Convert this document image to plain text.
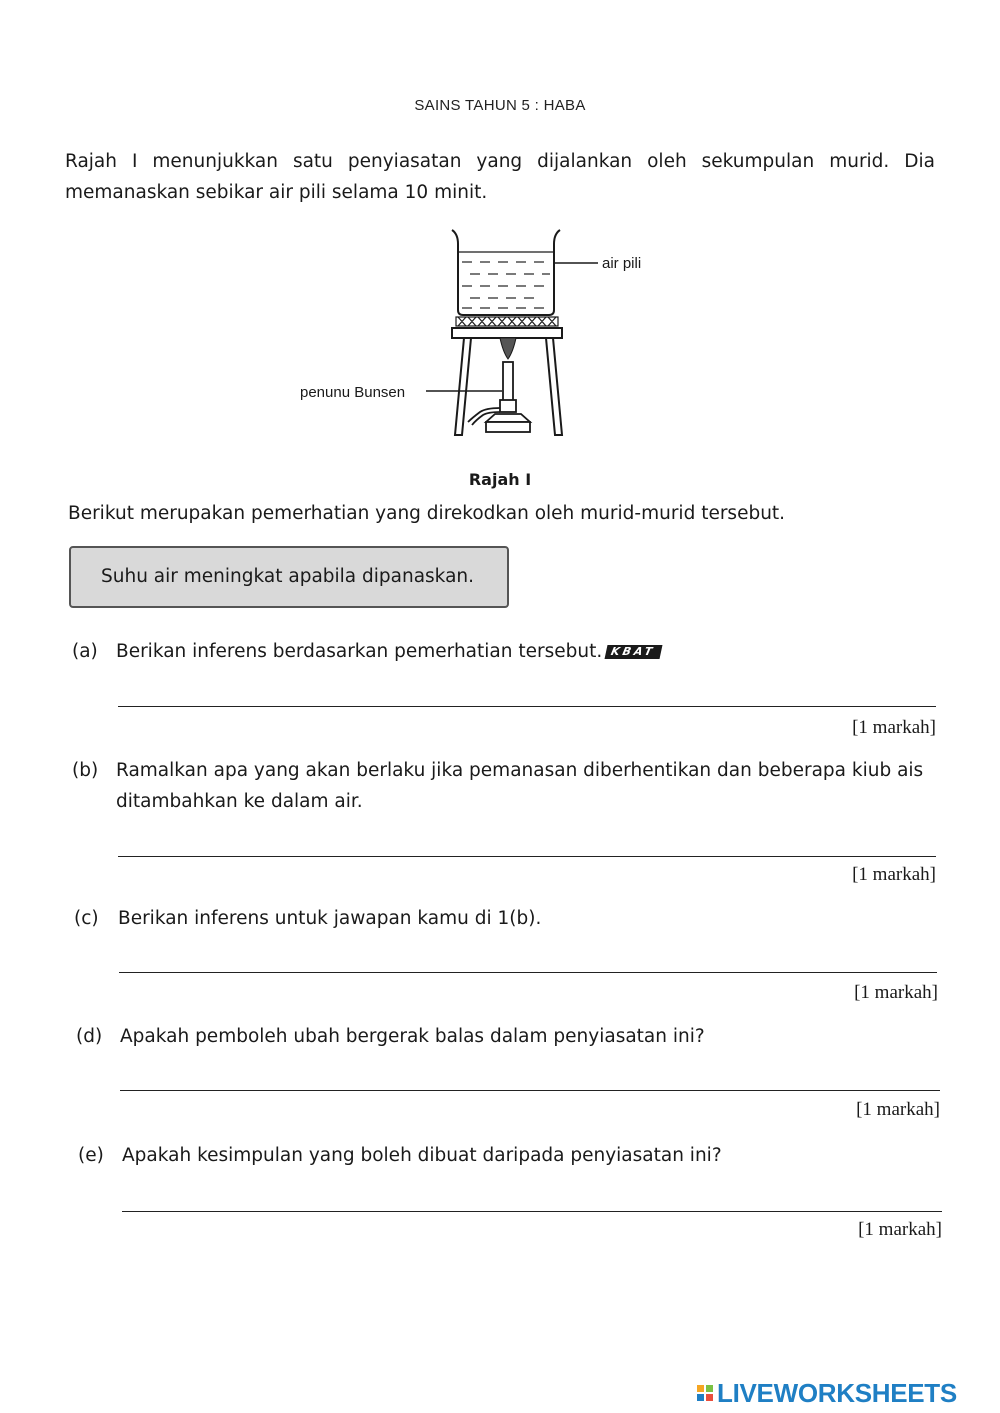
SAINS TAHUN 5 : HABA
Rajah I menunjukkan satu penyiasatan yang dijalankan oleh sekumpulan murid. Dia memanaskan sebikar air pili selama 10 minit.
air pili
penunu Bunsen
Rajah I
Berikut merupakan pemerhatian yang direkodkan oleh murid-murid tersebut.
Suhu air meningkat apabila dipanaskan.
(a) Berikan inferens berdasarkan pemerhatian tersebut. KBAT
[1 markah]
(b) Ramalkan apa yang akan berlaku jika pemanasan diberhentikan dan beberapa kiub ais ditambahkan ke dalam air.
[1 markah]
(c) Berikan inferens untuk jawapan kamu di 1(b).
[1 markah]
(d) Apakah pemboleh ubah bergerak balas dalam penyiasatan ini?
[1 markah]
(e) Apakah kesimpulan yang boleh dibuat daripada penyiasatan ini?
[1 markah]
LIVEWORKSHEETS
